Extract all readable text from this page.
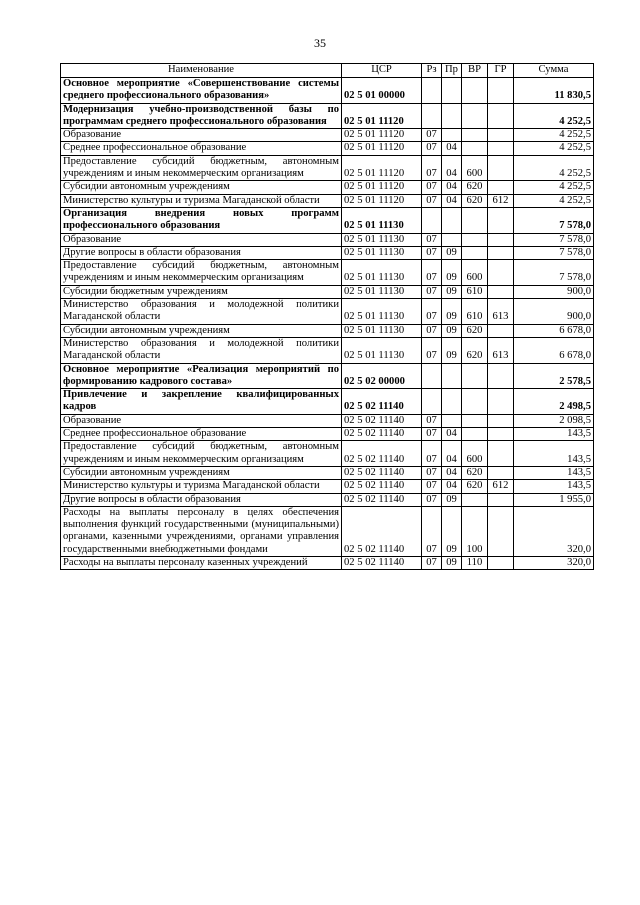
35
Наименование	ЦСР	Рз	Пр	ВР	ГР	Сумма
Основное мероприятие «Совершенствование системы среднего профессионального образования»	02 5 01 00000					11 830,5
Модернизация учебно-производственной базы по программам среднего профессионального образования	02 5 01 11120					4 252,5
Образование	02 5 01 11120	07				4 252,5
Среднее профессиональное образование	02 5 01 11120	07	04			4 252,5
Предоставление субсидий бюджетным, автономным учреждениям и иным некоммерческим организациям	02 5 01 11120	07	04	600		4 252,5
Субсидии автономным учреждениям	02 5 01 11120	07	04	620		4 252,5
Министерство культуры и туризма Магаданской области	02 5 01 11120	07	04	620	612	4 252,5
Организация внедрения новых программ профессионального образования	02 5 01 11130					7 578,0
Образование	02 5 01 11130	07				7 578,0
Другие вопросы в области образования	02 5 01 11130	07	09			7 578,0
Предоставление субсидий бюджетным, автономным учреждениям и иным некоммерческим организациям	02 5 01 11130	07	09	600		7 578,0
Субсидии бюджетным учреждениям	02 5 01 11130	07	09	610		900,0
Министерство образования и молодежной политики Магаданской области	02 5 01 11130	07	09	610	613	900,0
Субсидии автономным учреждениям	02 5 01 11130	07	09	620		6 678,0
Министерство образования и молодежной политики Магаданской области	02 5 01 11130	07	09	620	613	6 678,0
Основное мероприятие «Реализация мероприятий по формированию кадрового состава»	02 5 02 00000					2 578,5
Привлечение и закрепление квалифицированных кадров	02 5 02 11140					2 498,5
Образование	02 5 02 11140	07				2 098,5
Среднее профессиональное образование	02 5 02 11140	07	04			143,5
Предоставление субсидий бюджетным, автономным учреждениям и иным некоммерческим организациям	02 5 02 11140	07	04	600		143,5
Субсидии автономным учреждениям	02 5 02 11140	07	04	620		143,5
Министерство культуры и туризма Магаданской области	02 5 02 11140	07	04	620	612	143,5
Другие вопросы в области образования	02 5 02 11140	07	09			1 955,0
Расходы на выплаты персоналу в целях обеспечения выполнения функций государственными (муниципальными) органами, казенными учреждениями, органами управления государственными внебюджетными фондами	02 5 02 11140	07	09	100		320,0
Расходы на выплаты персоналу казенных учреждений	02 5 02 11140	07	09	110		320,0
